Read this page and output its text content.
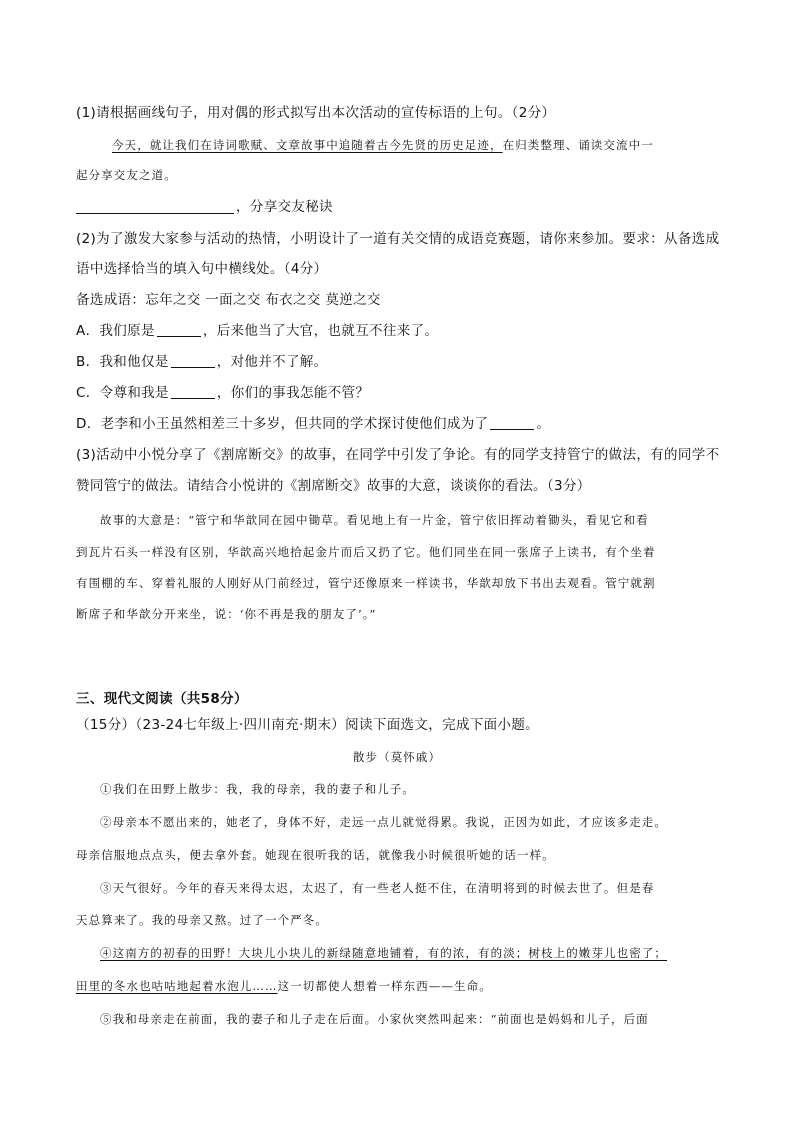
(1)请根据画线句子，用对偶的形式拟写出本次活动的宣传标语的上句。（2分）
今天，就让我们在诗词歌赋、文章故事中追随着古今先贤的历史足迹，在归类整理、诵读交流中一
起分享交友之道。
，分享交友秘诀
(2)为了激发大家参与活动的热情，小明设计了一道有关交情的成语竞赛题，请你来参加。要求：从备选成
语中选择恰当的填入句中横线处。（4分）
备选成语：忘年之交 一面之交 布衣之交 莫逆之交
A．我们原是	，后来他当了大官，也就互不往来了。
B．我和他仅是	，对他并不了解。
C．令尊和我是	，你们的事我怎能不管？
D．老李和小王虽然相差三十多岁，但共同的学术探讨使他们成为了	。
(3)活动中小悦分享了《割席断交》的故事，在同学中引发了争论。有的同学支持管宁的做法，有的同学不
赞同管宁的做法。请结合小悦讲的《割席断交》故事的大意，谈谈你的看法。（3分）
故事的大意是：“管宁和华歆同在园中锄草。看见地上有一片金，管宁依旧挥动着锄头，看见它和看
到瓦片石头一样没有区别，华歆高兴地拾起金片而后又扔了它。他们同坐在同一张席子上读书，有个坐着
有围棚的车、穿着礼服的人刚好从门前经过，管宁还像原来一样读书，华歆却放下书出去观看。管宁就割
断席子和华歆分开来坐，说：‘你不再是我的朋友了’。”
三、现代文阅读（共58分）
（15分）（23-24七年级上·四川南充·期末）阅读下面选文，完成下面小题。
散步（莫怀戚）
①我们在田野上散步：我，我的母亲，我的妻子和儿子。
②母亲本不愿出来的，她老了，身体不好，走远一点儿就觉得累。我说，正因为如此，才应该多走走。
母亲信服地点点头，便去拿外套。她现在很听我的话，就像我小时候很听她的话一样。
③天气很好。今年的春天来得太迟，太迟了，有一些老人挺不住，在清明将到的时候去世了。但是春
天总算来了。我的母亲又熬。过了一个严冬。
④这南方的初春的田野！大块儿小块儿的新绿随意地铺着，有的浓，有的淡；树枝上的嫩芽儿也密了；
田里的冬水也咕咕地起着水泡儿……这一切都使人想着一样东西——生命。
⑤我和母亲走在前面，我的妻子和儿子走在后面。小家伙突然叫起来：“前面也是妈妈和儿子，后面
